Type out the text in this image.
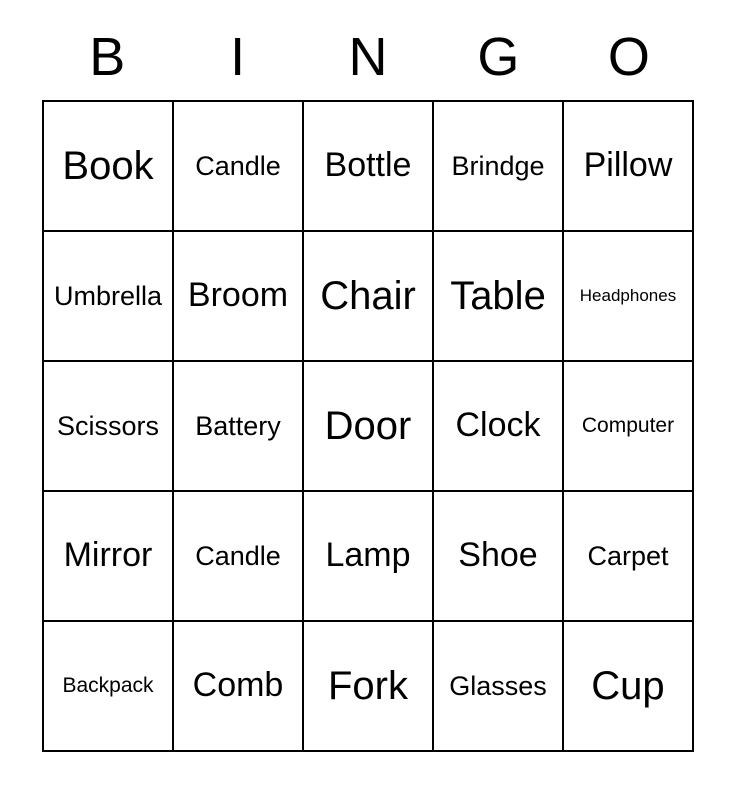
B	I	N	G	O
Book Candle Bottle Brindge Pillow
Umbrella Broom Chair Table Headphones
Scissors Battery Door Clock Computer
Mirror Candle Lamp Shoe Carpet
Backpack Comb Fork Glasses Cup
